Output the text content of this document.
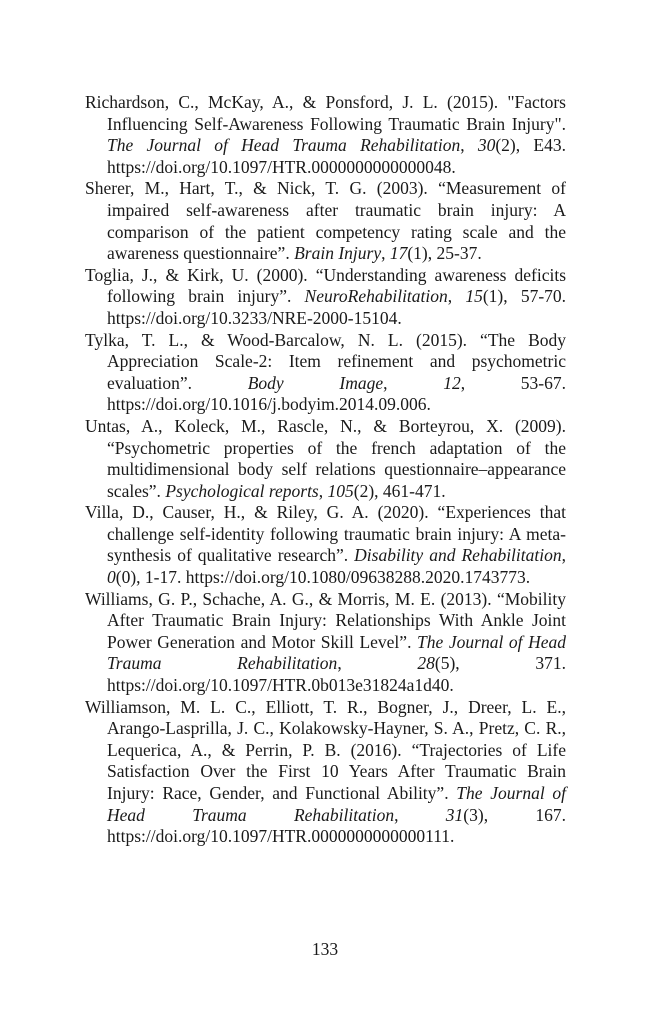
Richardson, C., McKay, A., & Ponsford, J. L. (2015). "Factors Influencing Self-Awareness Following Traumatic Brain Injury". The Journal of Head Trauma Rehabilitation, 30(2), E43. https://doi.org/10.1097/HTR.0000000000000048.

Sherer, M., Hart, T., & Nick, T. G. (2003). “Measurement of impaired self-awareness after traumatic brain injury: A comparison of the patient competency rating scale and the awareness questionnaire”. Brain Injury, 17(1), 25-37.

Toglia, J., & Kirk, U. (2000). “Understanding awareness deficits following brain injury”. NeuroRehabilitation, 15(1), 57-70. https://doi.org/10.3233/NRE-2000-15104.

Tylka, T. L., & Wood-Barcalow, N. L. (2015). “The Body Appreciation Scale-2: Item refinement and psychometric evaluation”. Body Image, 12, 53-67. https://doi.org/10.1016/j.bodyim.2014.09.006.

Untas, A., Koleck, M., Rascle, N., & Borteyrou, X. (2009). “Psychometric properties of the french adaptation of the multidimensional body self relations questionnaire–appearance scales”. Psychological reports, 105(2), 461-471.

Villa, D., Causer, H., & Riley, G. A. (2020). “Experiences that challenge self-identity following traumatic brain injury: A meta-synthesis of qualitative research”. Disability and Rehabilitation, 0(0), 1-17. https://doi.org/10.1080/09638288.2020.1743773.

Williams, G. P., Schache, A. G., & Morris, M. E. (2013). “Mobility After Traumatic Brain Injury: Relationships With Ankle Joint Power Generation and Motor Skill Level”. The Journal of Head Trauma Rehabilitation, 28(5), 371. https://doi.org/10.1097/HTR.0b013e31824a1d40.

Williamson, M. L. C., Elliott, T. R., Bogner, J., Dreer, L. E., Arango-Lasprilla, J. C., Kolakowsky-Hayner, S. A., Pretz, C. R., Lequerica, A., & Perrin, P. B. (2016). “Trajectories of Life Satisfaction Over the First 10 Years After Traumatic Brain Injury: Race, Gender, and Functional Ability”. The Journal of Head Trauma Rehabilitation, 31(3), 167. https://doi.org/10.1097/HTR.0000000000000111.

133
